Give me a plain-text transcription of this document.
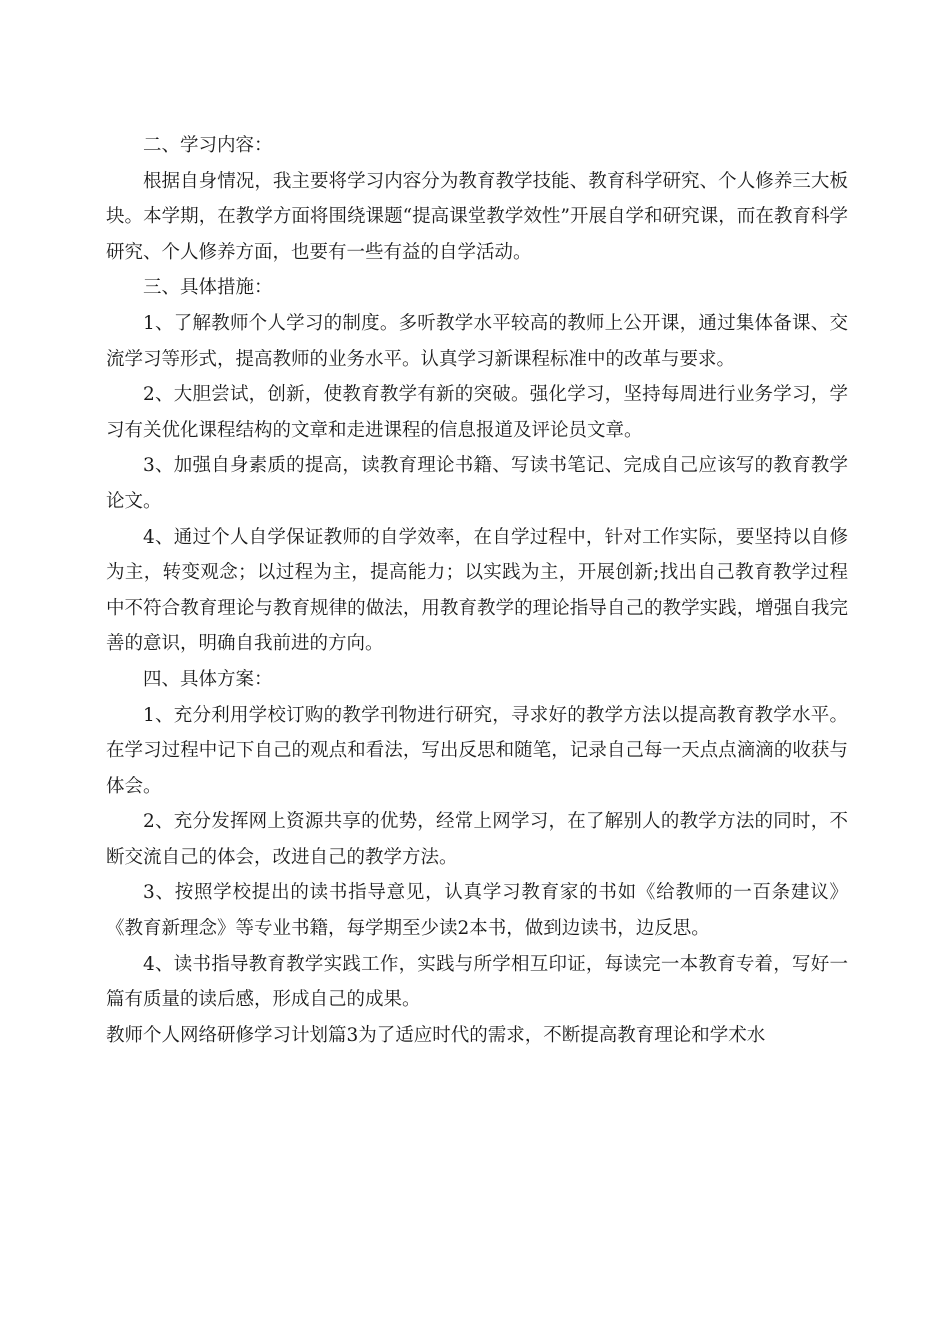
二、学习内容：

根据自身情况，我主要将学习内容分为教育教学技能、教育科学研究、个人修养三大板块。本学期，在教学方面将围绕课题“提高课堂教学效性”开展自学和研究课，而在教育科学研究、个人修养方面，也要有一些有益的自学活动。

三、具体措施：

1、了解教师个人学习的制度。多听教学水平较高的教师上公开课，通过集体备课、交流学习等形式，提高教师的业务水平。认真学习新课程标准中的改革与要求。

2、大胆尝试，创新，使教育教学有新的突破。强化学习，坚持每周进行业务学习，学习有关优化课程结构的文章和走进课程的信息报道及评论员文章。

3、加强自身素质的提高，读教育理论书籍、写读书笔记、完成自己应该写的教育教学论文。

4、通过个人自学保证教师的自学效率，在自学过程中，针对工作实际，要坚持以自修为主，转变观念；以过程为主，提高能力；以实践为主，开展创新;找出自己教育教学过程中不符合教育理论与教育规律的做法，用教育教学的理论指导自己的教学实践，增强自我完善的意识，明确自我前进的方向。

四、具体方案：

1、充分利用学校订购的教学刊物进行研究，寻求好的教学方法以提高教育教学水平。在学习过程中记下自己的观点和看法，写出反思和随笔，记录自己每一天点点滴滴的收获与体会。

2、充分发挥网上资源共享的优势，经常上网学习，在了解别人的教学方法的同时，不断交流自己的体会，改进自己的教学方法。

3、按照学校提出的读书指导意见，认真学习教育家的书如《给教师的一百条建议》《教育新理念》等专业书籍，每学期至少读2本书，做到边读书，边反思。

4、读书指导教育教学实践工作，实践与所学相互印证，每读完一本教育专着，写好一篇有质量的读后感，形成自己的成果。

教师个人网络研修学习计划篇3为了适应时代的需求，不断提高教育理论和学术水
